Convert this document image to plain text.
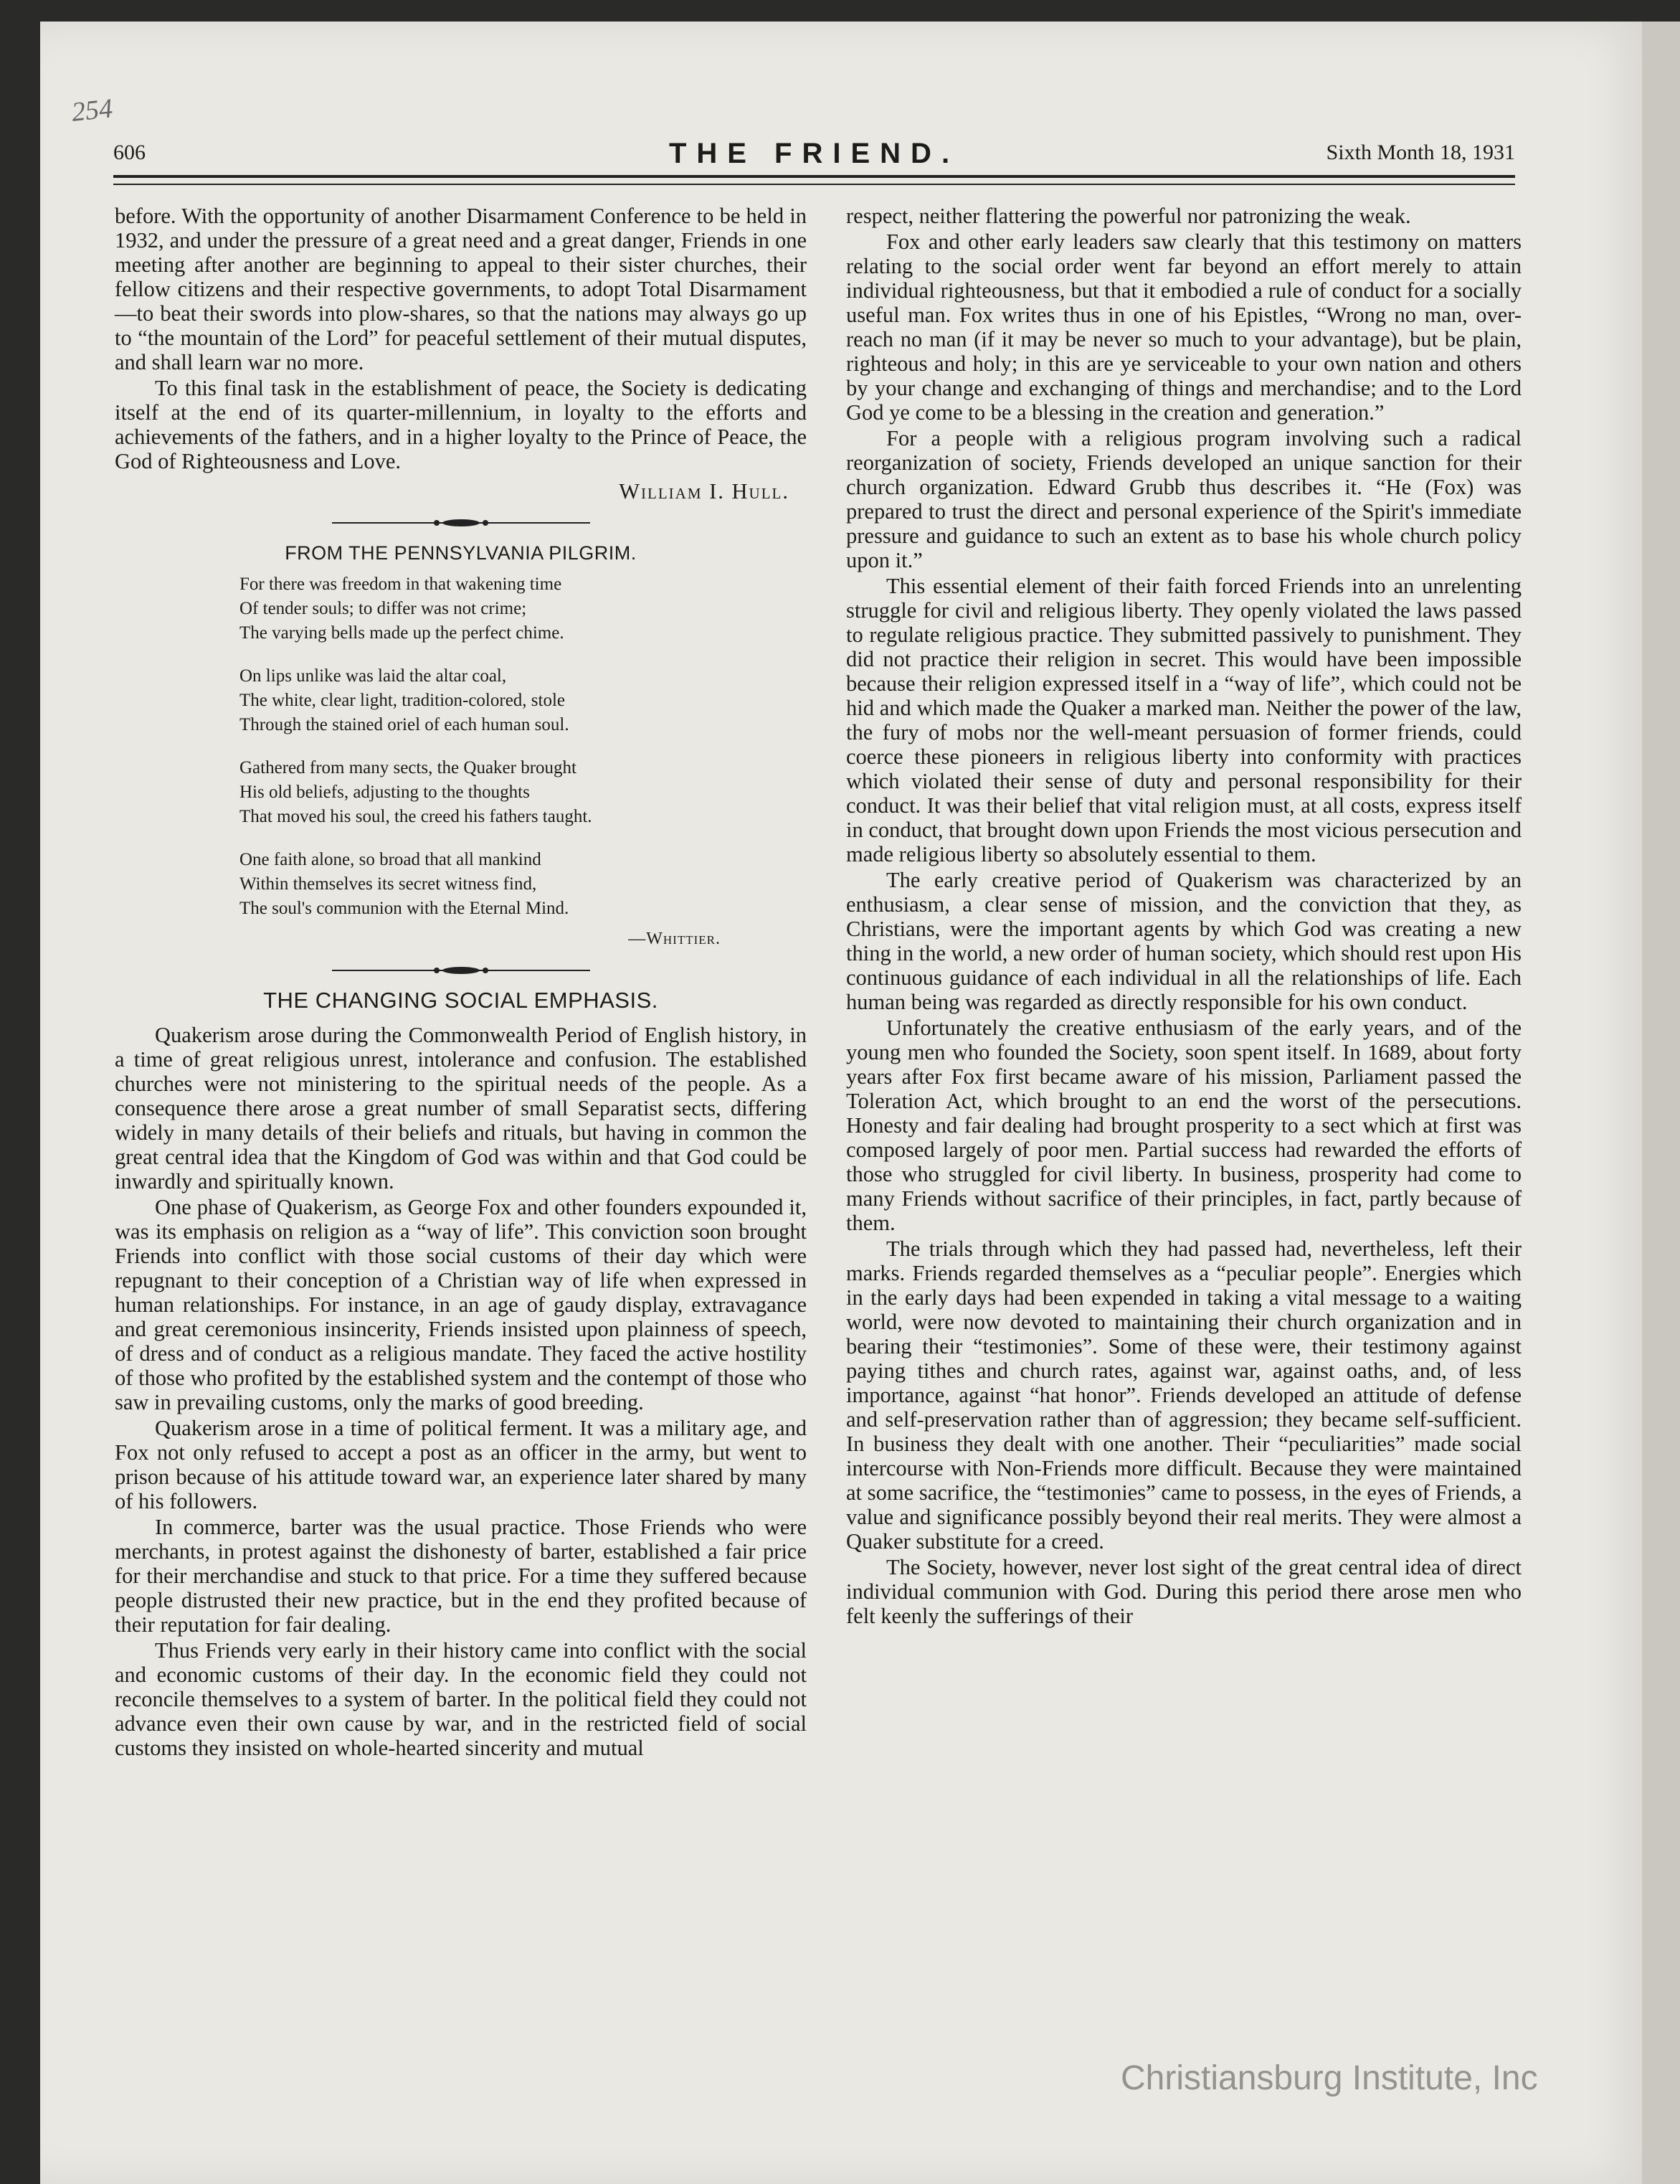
254
606	THE FRIEND.	Sixth Month 18, 1931

before. With the opportunity of another Disarmament Conference to be held in 1932, and under the pressure of a great need and a great danger, Friends in one meeting after another are beginning to appeal to their sister churches, their fellow citizens and their respective governments, to adopt Total Disarmament—to beat their swords into plow-shares, so that the nations may always go up to “the mountain of the Lord” for peaceful settlement of their mutual disputes, and shall learn war no more.

To this final task in the establishment of peace, the Society is dedicating itself at the end of its quarter-millennium, in loyalty to the efforts and achievements of the fathers, and in a higher loyalty to the Prince of Peace, the God of Righteousness and Love.

William I. Hull.
FROM THE PENNSYLVANIA PILGRIM.
For there was freedom in that wakening time
Of tender souls; to differ was not crime;
The varying bells made up the perfect chime.
On lips unlike was laid the altar coal,
The white, clear light, tradition-colored, stole
Through the stained oriel of each human soul.
Gathered from many sects, the Quaker brought
His old beliefs, adjusting to the thoughts
That moved his soul, the creed his fathers taught.
One faith alone, so broad that all mankind
Within themselves its secret witness find,
The soul's communion with the Eternal Mind.
—Whittier.
THE CHANGING SOCIAL EMPHASIS.

Quakerism arose during the Commonwealth Period of English history, in a time of great religious unrest, intolerance and confusion. The established churches were not ministering to the spiritual needs of the people. As a consequence there arose a great number of small Separatist sects, differing widely in many details of their beliefs and rituals, but having in common the great central idea that the Kingdom of God was within and that God could be inwardly and spiritually known.

One phase of Quakerism, as George Fox and other founders expounded it, was its emphasis on religion as a “way of life”. This conviction soon brought Friends into conflict with those social customs of their day which were repugnant to their conception of a Christian way of life when expressed in human relationships. For instance, in an age of gaudy display, extravagance and great ceremonious insincerity, Friends insisted upon plainness of speech, of dress and of conduct as a religious mandate. They faced the active hostility of those who profited by the established system and the contempt of those who saw in prevailing customs, only the marks of good breeding.

Quakerism arose in a time of political ferment. It was a military age, and Fox not only refused to accept a post as an officer in the army, but went to prison because of his attitude toward war, an experience later shared by many of his followers.

In commerce, barter was the usual practice. Those Friends who were merchants, in protest against the dishonesty of barter, established a fair price for their merchandise and stuck to that price. For a time they suffered because people distrusted their new practice, but in the end they profited because of their reputation for fair dealing.

Thus Friends very early in their history came into conflict with the social and economic customs of their day. In the economic field they could not reconcile themselves to a system of barter. In the political field they could not advance even their own cause by war, and in the restricted field of social customs they insisted on whole-hearted sincerity and mutual

respect, neither flattering the powerful nor patronizing the weak.

Fox and other early leaders saw clearly that this testimony on matters relating to the social order went far beyond an effort merely to attain individual righteousness, but that it embodied a rule of conduct for a socially useful man. Fox writes thus in one of his Epistles, “Wrong no man, over-reach no man (if it may be never so much to your advantage), but be plain, righteous and holy; in this are ye serviceable to your own nation and others by your change and exchanging of things and merchandise; and to the Lord God ye come to be a blessing in the creation and generation.”

For a people with a religious program involving such a radical reorganization of society, Friends developed an unique sanction for their church organization. Edward Grubb thus describes it. “He (Fox) was prepared to trust the direct and personal experience of the Spirit's immediate pressure and guidance to such an extent as to base his whole church policy upon it.”

This essential element of their faith forced Friends into an unrelenting struggle for civil and religious liberty. They openly violated the laws passed to regulate religious practice. They submitted passively to punishment. They did not practice their religion in secret. This would have been impossible because their religion expressed itself in a “way of life”, which could not be hid and which made the Quaker a marked man. Neither the power of the law, the fury of mobs nor the well-meant persuasion of former friends, could coerce these pioneers in religious liberty into conformity with practices which violated their sense of duty and personal responsibility for their conduct. It was their belief that vital religion must, at all costs, express itself in conduct, that brought down upon Friends the most vicious persecution and made religious liberty so absolutely essential to them.

The early creative period of Quakerism was characterized by an enthusiasm, a clear sense of mission, and the conviction that they, as Christians, were the important agents by which God was creating a new thing in the world, a new order of human society, which should rest upon His continuous guidance of each individual in all the relationships of life. Each human being was regarded as directly responsible for his own conduct.

Unfortunately the creative enthusiasm of the early years, and of the young men who founded the Society, soon spent itself. In 1689, about forty years after Fox first became aware of his mission, Parliament passed the Toleration Act, which brought to an end the worst of the persecutions. Honesty and fair dealing had brought prosperity to a sect which at first was composed largely of poor men. Partial success had rewarded the efforts of those who struggled for civil liberty. In business, prosperity had come to many Friends without sacrifice of their principles, in fact, partly because of them.

The trials through which they had passed had, nevertheless, left their marks. Friends regarded themselves as a “peculiar people”. Energies which in the early days had been expended in taking a vital message to a waiting world, were now devoted to maintaining their church organization and in bearing their “testimonies”. Some of these were, their testimony against paying tithes and church rates, against war, against oaths, and, of less importance, against “hat honor”. Friends developed an attitude of defense and self-preservation rather than of aggression; they became self-sufficient. In business they dealt with one another. Their “peculiarities” made social intercourse with Non-Friends more difficult. Because they were maintained at some sacrifice, the “testimonies” came to possess, in the eyes of Friends, a value and significance possibly beyond their real merits. They were almost a Quaker substitute for a creed.

The Society, however, never lost sight of the great central idea of direct individual communion with God. During this period there arose men who felt keenly the sufferings of their

Christiansburg Institute, Inc
